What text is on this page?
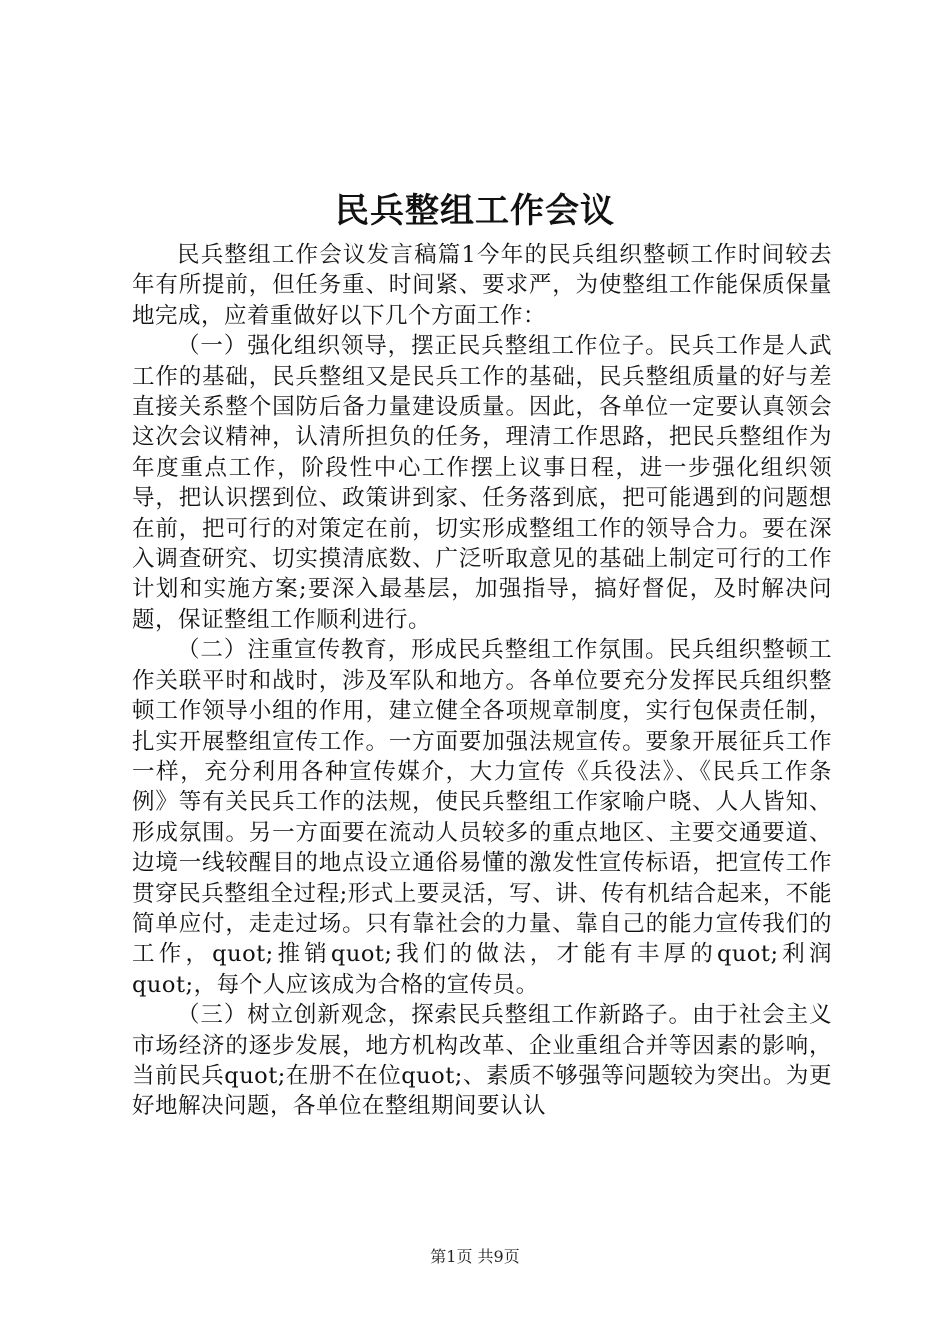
民兵整组工作会议

民兵整组工作会议发言稿篇1今年的民兵组织整顿工作时间较去年有所提前，但任务重、时间紧、要求严，为使整组工作能保质保量地完成，应着重做好以下几个方面工作：

（一）强化组织领导，摆正民兵整组工作位子。民兵工作是人武工作的基础，民兵整组又是民兵工作的基础，民兵整组质量的好与差直接关系整个国防后备力量建设质量。因此，各单位一定要认真领会这次会议精神，认清所担负的任务，理清工作思路，把民兵整组作为年度重点工作，阶段性中心工作摆上议事日程，进一步强化组织领导，把认识摆到位、政策讲到家、任务落到底，把可能遇到的问题想在前，把可行的对策定在前，切实形成整组工作的领导合力。要在深入调查研究、切实摸清底数、广泛听取意见的基础上制定可行的工作计划和实施方案;要深入最基层，加强指导，搞好督促，及时解决问题，保证整组工作顺利进行。

（二）注重宣传教育，形成民兵整组工作氛围。民兵组织整顿工作关联平时和战时，涉及军队和地方。各单位要充分发挥民兵组织整顿工作领导小组的作用，建立健全各项规章制度，实行包保责任制，扎实开展整组宣传工作。一方面要加强法规宣传。要象开展征兵工作一样，充分利用各种宣传媒介，大力宣传《兵役法》、《民兵工作条例》等有关民兵工作的法规，使民兵整组工作家喻户晓、人人皆知、形成氛围。另一方面要在流动人员较多的重点地区、主要交通要道、边境一线较醒目的地点设立通俗易懂的激发性宣传标语，把宣传工作贯穿民兵整组全过程;形式上要灵活，写、讲、传有机结合起来，不能简单应付，走走过场。只有靠社会的力量、靠自己的能力宣传我们的工作，quot;推销quot;我们的做法，才能有丰厚的quot;利润quot;，每个人应该成为合格的宣传员。

（三）树立创新观念，探索民兵整组工作新路子。由于社会主义市场经济的逐步发展，地方机构改革、企业重组合并等因素的影响，当前民兵quot;在册不在位quot;、素质不够强等问题较为突出。为更好地解决问题，各单位在整组期间要认认

第1页 共9页
